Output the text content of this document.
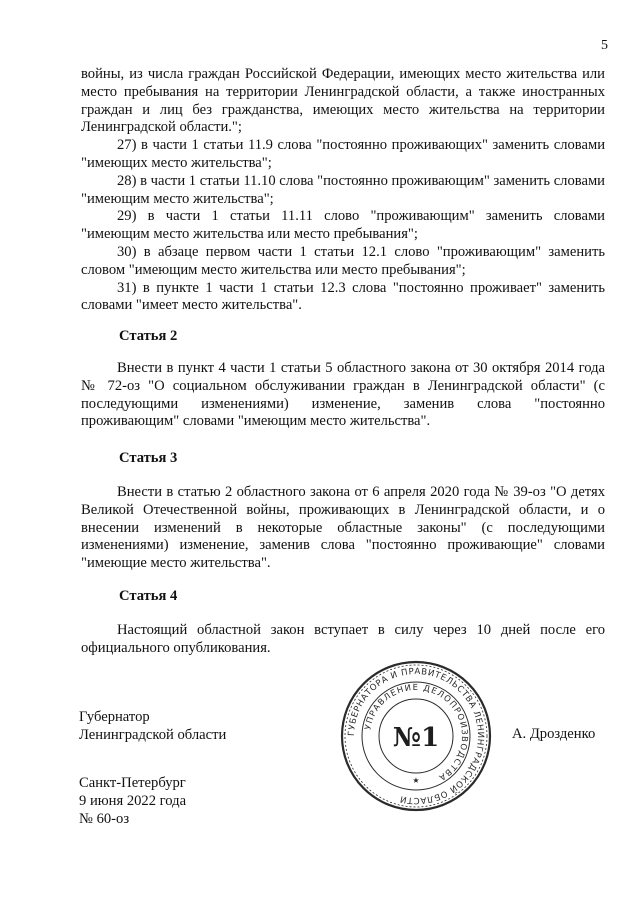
5

войны, из числа граждан Российской Федерации, имеющих место жительства или место пребывания на территории Ленинградской области, а также иностранных граждан и лиц без гражданства, имеющих место жительства на территории Ленинградской области.";

27) в части 1 статьи 11.9 слова "постоянно проживающих" заменить словами "имеющих место жительства";

28) в части 1 статьи 11.10 слова "постоянно проживающим" заменить словами "имеющим место жительства";

29) в части 1 статьи 11.11 слово "проживающим" заменить словами "имеющим место жительства или место пребывания";

30) в абзаце первом части 1 статьи 12.1 слово "проживающим" заменить словом "имеющим место жительства или место пребывания";

31) в пункте 1 части 1 статьи 12.3 слова "постоянно проживает" заменить словами "имеет место жительства".

Статья 2

Внести в пункт 4 части 1 статьи 5 областного закона от 30 октября 2014 года № 72-оз "О социальном обслуживании граждан в Ленинградской области" (с последующими изменениями) изменение, заменив слова "постоянно проживающим" словами "имеющим место жительства".

Статья 3

Внести в статью 2 областного закона от 6 апреля 2020 года № 39-оз "О детях Великой Отечественной войны, проживающих в Ленинградской области, и о внесении изменений в некоторые областные законы" (с последующими изменениями) изменение, заменив слова "постоянно проживающие" словами "имеющие место жительства".

Статья 4

Настоящий областной закон вступает в силу через 10 дней после его официального опубликования.

Губернатор
Ленинградской области	ГУБЕРНАТОРА И ПРАВИТЕЛЬСТВА ЛЕНИНГРАДСКОЙ ОБЛАСТИ
УПРАВЛЕНИЕ ДЕЛОПРОИЗВОДСТВА
№1
★
А. Дрозденко
Санкт-Петербург
9 июня 2022 года
№ 60-оз
